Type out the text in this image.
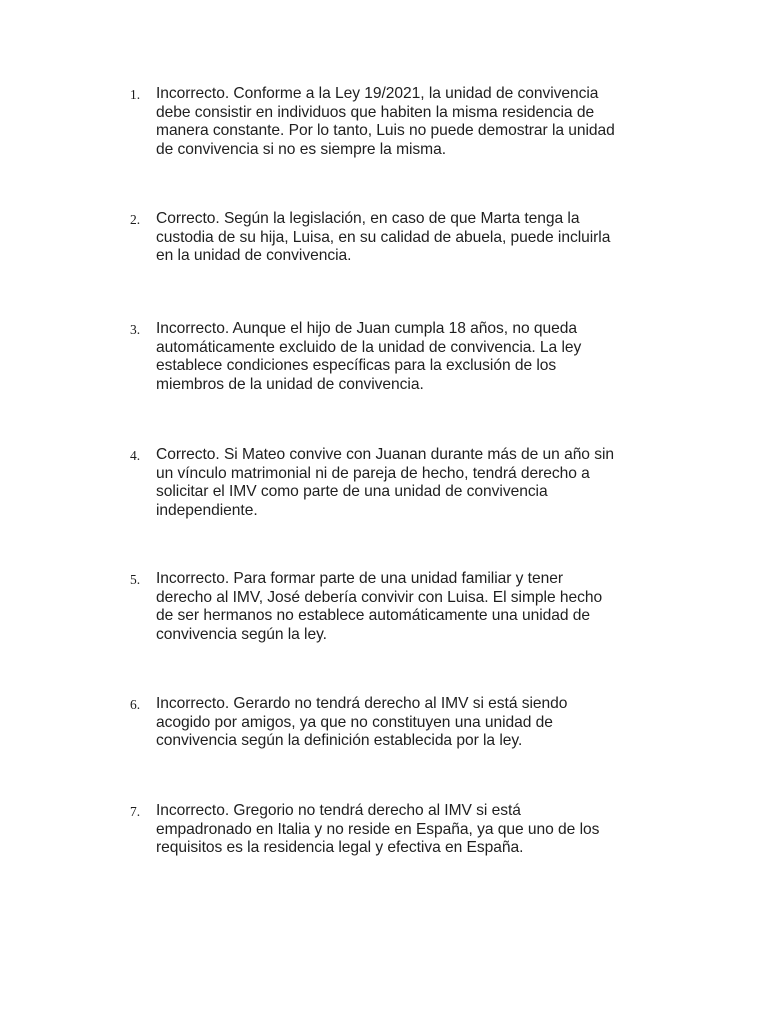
1.	Incorrecto. Conforme a la Ley 19/2021, la unidad de convivencia
debe consistir en individuos que habiten la misma residencia de
manera constante. Por lo tanto, Luis no puede demostrar la unidad
de convivencia si no es siempre la misma.
2.	Correcto. Según la legislación, en caso de que Marta tenga la
custodia de su hija, Luisa, en su calidad de abuela, puede incluirla
en la unidad de convivencia.
3.	Incorrecto. Aunque el hijo de Juan cumpla 18 años, no queda
automáticamente excluido de la unidad de convivencia. La ley
establece condiciones específicas para la exclusión de los
miembros de la unidad de convivencia.
4.	Correcto. Si Mateo convive con Juanan durante más de un año sin
un vínculo matrimonial ni de pareja de hecho, tendrá derecho a
solicitar el IMV como parte de una unidad de convivencia
independiente.
5.	Incorrecto. Para formar parte de una unidad familiar y tener
derecho al IMV, José debería convivir con Luisa. El simple hecho
de ser hermanos no establece automáticamente una unidad de
convivencia según la ley.
6.	Incorrecto. Gerardo no tendrá derecho al IMV si está siendo
acogido por amigos, ya que no constituyen una unidad de
convivencia según la definición establecida por la ley.
7.	Incorrecto. Gregorio no tendrá derecho al IMV si está
empadronado en Italia y no reside en España, ya que uno de los
requisitos es la residencia legal y efectiva en España.
